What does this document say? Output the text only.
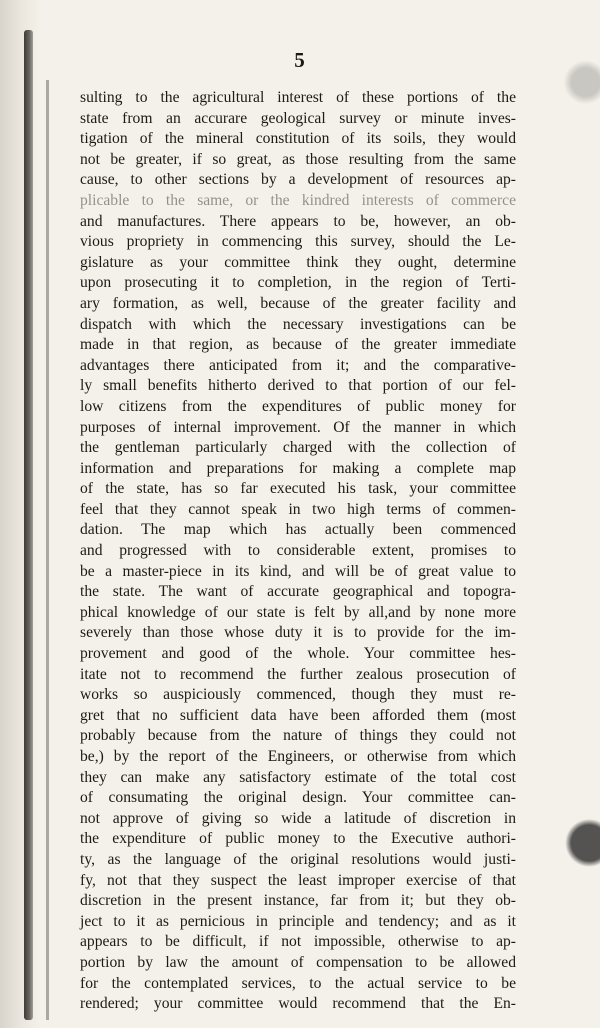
5
sulting to the agricultural interest of these portions of the
state from an accurare geological survey or minute inves-
tigation of the mineral constitution of its soils, they would
not be greater, if so great, as those resulting from the same
cause, to other sections by a development of resources ap-
plicable to the same, or the kindred interests of commerce
and manufactures. There appears to be, however, an ob-
vious propriety in commencing this survey, should the Le-
gislature as your committee think they ought, determine
upon prosecuting it to completion, in the region of Terti-
ary formation, as well, because of the greater facility and
dispatch with which the necessary investigations can be
made in that region, as because of the greater immediate
advantages there anticipated from it; and the comparative-
ly small benefits hitherto derived to that portion of our fel-
low citizens from the expenditures of public money for
purposes of internal improvement. Of the manner in which
the gentleman particularly charged with the collection of
information and preparations for making a complete map
of the state, has so far executed his task, your committee
feel that they cannot speak in two high terms of commen-
dation. The map which has actually been commenced
and progressed with to considerable extent, promises to
be a master-piece in its kind, and will be of great value to
the state. The want of accurate geographical and topogra-
phical knowledge of our state is felt by all,and by none more
severely than those whose duty it is to provide for the im-
provement and good of the whole. Your committee hes-
itate not to recommend the further zealous prosecution of
works so auspiciously commenced, though they must re-
gret that no sufficient data have been afforded them (most
probably because from the nature of things they could not
be,) by the report of the Engineers, or otherwise from which
they can make any satisfactory estimate of the total cost
of consumating the original design. Your committee can-
not approve of giving so wide a latitude of discretion in
the expenditure of public money to the Executive authori-
ty, as the language of the original resolutions would justi-
fy, not that they suspect the least improper exercise of that
discretion in the present instance, far from it; but they ob-
ject to it as pernicious in principle and tendency; and as it
appears to be difficult, if not impossible, otherwise to ap-
portion by law the amount of compensation to be allowed
for the contemplated services, to the actual service to be
rendered; your committee would recommend that the En-
